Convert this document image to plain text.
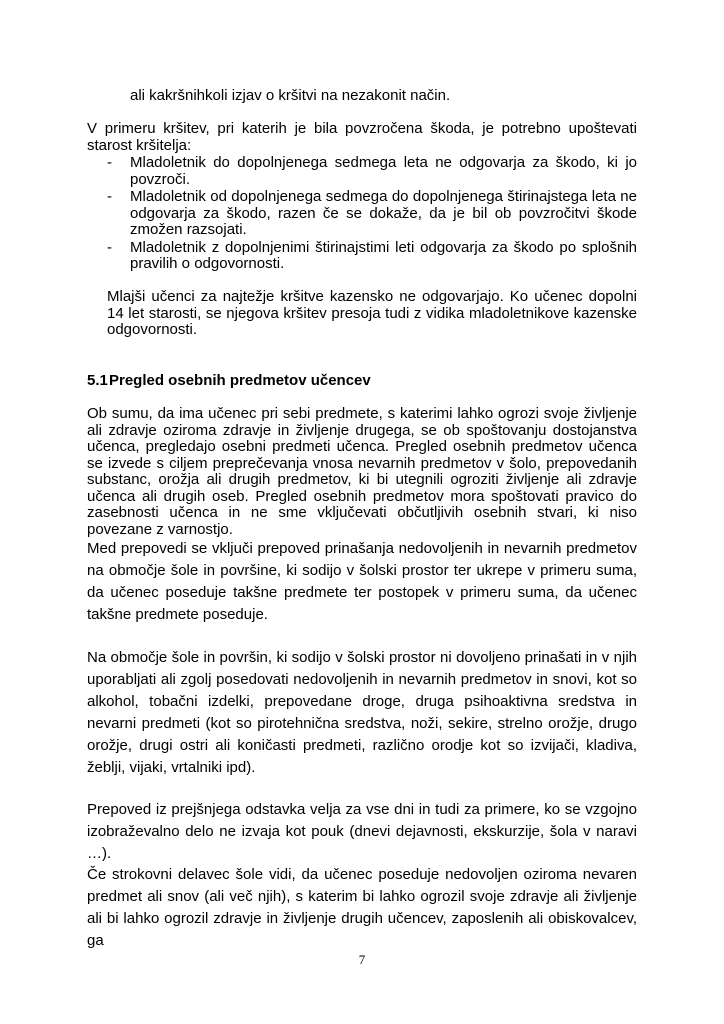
ali kakršnihkoli izjav o kršitvi na nezakonit način.

V primeru kršitev, pri katerih je bila povzročena škoda, je potrebno upoštevati starost kršitelja:

- Mladoletnik do dopolnjenega sedmega leta ne odgovarja za škodo, ki jo povzroči.
- Mladoletnik od dopolnjenega sedmega do dopolnjenega štirinajstega leta ne odgovarja za škodo, razen če se dokaže, da je bil ob povzročitvi škode zmožen razsojati.
- Mladoletnik z dopolnjenimi štirinajstimi leti odgovarja za škodo po splošnih pravilih o odgovornosti.

Mlajši učenci za najtežje kršitve kazensko ne odgovarjajo. Ko učenec dopolni 14 let starosti, se njegova kršitev presoja tudi z vidika mladoletnikove kazenske odgovornosti.

5.1Pregled osebnih predmetov učencev

Ob sumu, da ima učenec pri sebi predmete, s katerimi lahko ogrozi svoje življenje ali zdravje oziroma zdravje in življenje drugega, se ob spoštovanju dostojanstva učenca, pregledajo osebni predmeti učenca. Pregled osebnih predmetov učenca se izvede s ciljem preprečevanja vnosa nevarnih predmetov v šolo, prepovedanih substanc, orožja ali drugih predmetov, ki bi utegnili ogroziti življenje ali zdravje učenca ali drugih oseb. Pregled osebnih predmetov mora spoštovati pravico do zasebnosti učenca in ne sme vključevati občutljivih osebnih stvari, ki niso povezane z varnostjo.

Med prepovedi se vključi prepoved prinašanja nedovoljenih in nevarnih predmetov na območje šole in površine, ki sodijo v šolski prostor ter ukrepe v primeru suma, da učenec poseduje takšne predmete ter postopek v primeru suma, da učenec takšne predmete poseduje.

Na območje šole in površin, ki sodijo v šolski prostor ni dovoljeno prinašati in v njih uporabljati ali zgolj posedovati nedovoljenih in nevarnih predmetov in snovi, kot so alkohol, tobačni izdelki, prepovedane droge, druga psihoaktivna sredstva in nevarni predmeti (kot so pirotehnična sredstva, noži, sekire, strelno orožje, drugo orožje, drugi ostri ali koničasti predmeti, različno orodje kot so izvijači, kladiva, žeblji, vijaki, vrtalniki ipd).

Prepoved iz prejšnjega odstavka velja za vse dni in tudi za primere, ko se vzgojno izobraževalno delo ne izvaja kot pouk (dnevi dejavnosti, ekskurzije, šola v naravi …).

Če strokovni delavec šole vidi, da učenec poseduje nedovoljen oziroma nevaren predmet ali snov (ali več njih), s katerim bi lahko ogrozil svoje zdravje ali življenje ali bi lahko ogrozil zdravje in življenje drugih učencev, zaposlenih ali obiskovalcev, ga

7
